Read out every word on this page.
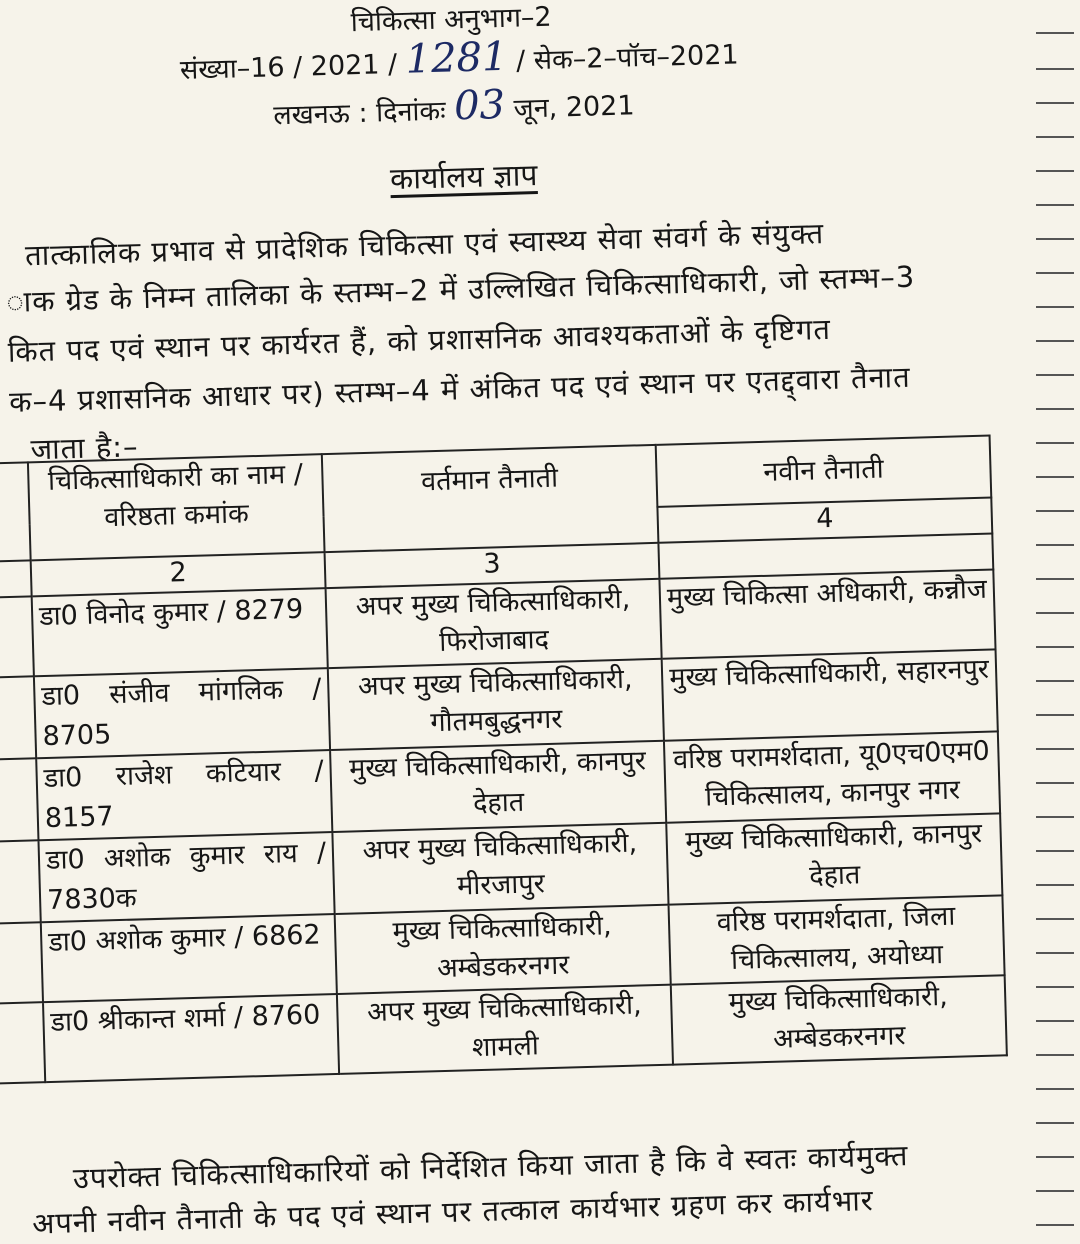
चिकित्सा अनुभाग–2
संख्या–16 / 2021 / 1281 / सेक–2–पॉच–2021
लखनऊ : दिनांकः 03 जून, 2021
कार्यालय ज्ञाप
तात्कालिक प्रभाव से प्रादेशिक चिकित्सा एवं स्वास्थ्य सेवा संवर्ग के संयुक्त
ाक ग्रेड के निम्न तालिका के स्तम्भ–2 में उल्लिखित चिकित्साधिकारी, जो स्तम्भ–3
कित पद एवं स्थान पर कार्यरत हैं, को प्रशासनिक आवश्यकताओं के दृष्टिगत
क–4 प्रशासनिक आधार पर) स्तम्भ–4 में अंकित पद एवं स्थान पर एतद्द्वारा तैनात
जाता है:–

	चिकित्साधिकारी का नाम / वरिष्ठता कमांक	वर्तमान तैनाती	नवीन तैनाती
			4
	2	3	
	डा0 विनोद कुमार / 8279	अपर मुख्य चिकित्साधिकारी, फिरोजाबाद	मुख्य चिकित्सा अधिकारी, कन्नौज
	डा0 संजीव मांगलिक / 8705	अपर मुख्य चिकित्साधिकारी, गौतमबुद्धनगर	मुख्य चिकित्साधिकारी, सहारनपुर
	डा0 राजेश कटियार / 8157	मुख्य चिकित्साधिकारी, कानपुर देहात	वरिष्ठ परामर्शदाता, यू0एच0एम0 चिकित्सालय, कानपुर नगर
	डा0 अशोक कुमार राय / 7830क	अपर मुख्य चिकित्साधिकारी, मीरजापुर	मुख्य चिकित्साधिकारी, कानपुर देहात
	डा0 अशोक कुमार / 6862	मुख्य चिकित्साधिकारी, अम्बेडकरनगर	वरिष्ठ परामर्शदाता, जिला चिकित्सालय, अयोध्या
	डा0 श्रीकान्त शर्मा / 8760	अपर मुख्य चिकित्साधिकारी, शामली	मुख्य चिकित्साधिकारी, अम्बेडकरनगर
उपरोक्त चिकित्साधिकारियों को निर्देशित किया जाता है कि वे स्वतः कार्यमुक्त
अपनी नवीन तैनाती के पद एवं स्थान पर तत्काल कार्यभार ग्रहण कर कार्यभार
